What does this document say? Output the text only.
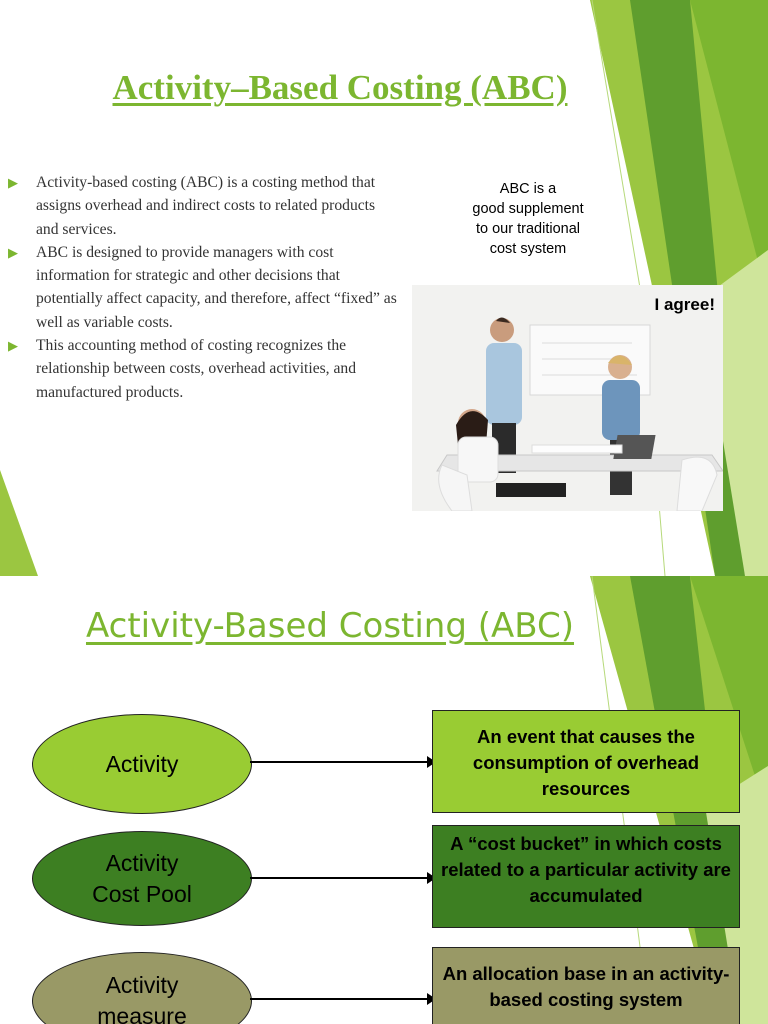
Activity–Based Costing (ABC)
▶ Activity-based costing (ABC) is a costing method that assigns overhead and indirect costs to related products and services.
▶ ABC is designed to provide managers with cost information for strategic and other decisions that potentially affect capacity, and therefore, affect “fixed” as well as variable costs.
▶ This accounting method of costing recognizes the relationship between costs, overhead activities, and manufactured products.
ABC is a
good supplement
to our traditional
cost system
I agree!
Activity-Based Costing (ABC)
Activity
An event that causes the consumption of overhead resources
Activity
Cost Pool
A “cost bucket” in which costs related to a particular activity are accumulated
Activity
measure
An allocation base in an activity-based costing system
